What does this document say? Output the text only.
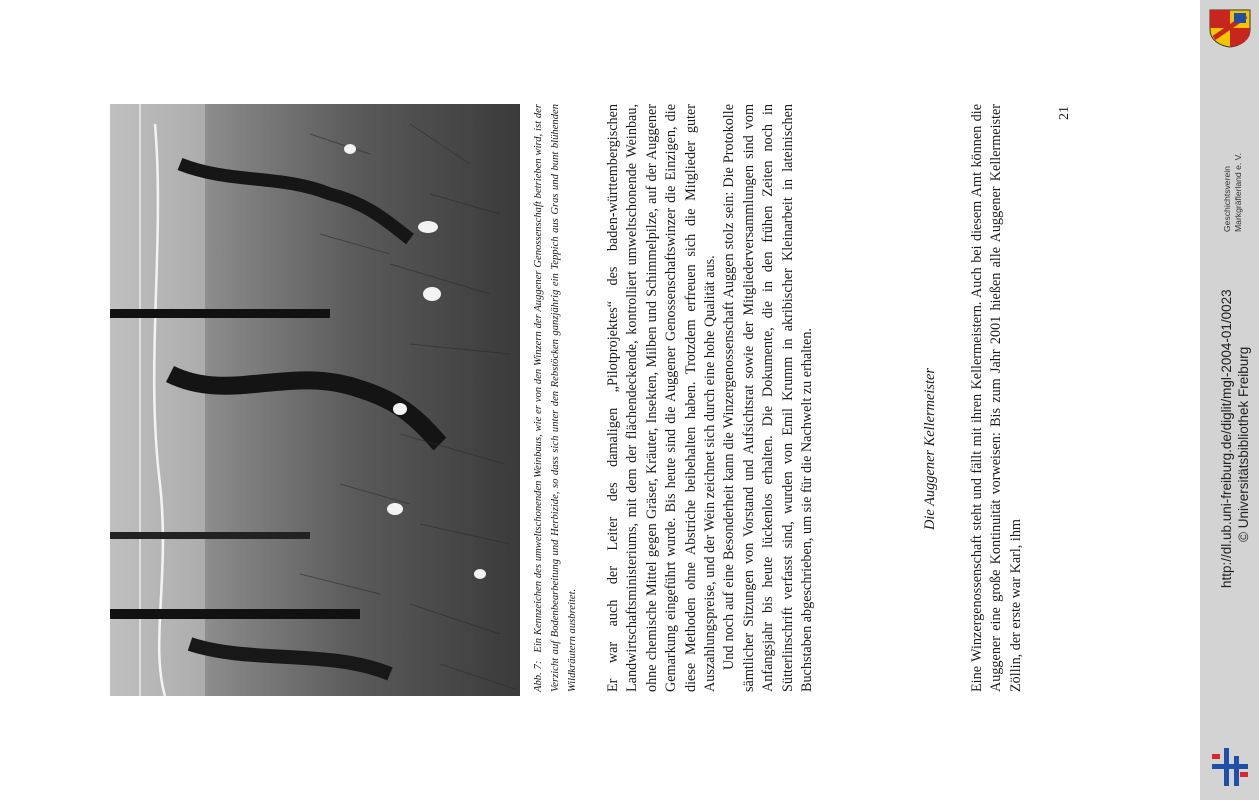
Abb. 7:Ein Kennzeichen des umweltschonenden Weinbaus, wie er von den Winzern der Auggener Genossenschaft betrieben wird, ist der Verzicht auf Bodenbearbeitung und Herbizide, so dass sich unter den Rebstöcken ganzjährig ein Teppich aus Gras und bunt blühenden Wildkräutern ausbreitet. Er war auch der Leiter des damaligen „Pilotprojektes“ des baden-württembergischen Landwirtschaftsministeriums, mit dem der flächendeckende, kontrolliert umweltschonende Weinbau, ohne chemische Mittel gegen Gräser, Kräuter, Insekten, Milben und Schimmelpilze, auf der Auggener Gemarkung eingeführt wurde. Bis heute sind die Auggener Genossenschaftswinzer die Einzigen, die diese Methoden ohne Abstriche beibehalten haben. Trotzdem erfreuen sich die Mitglieder guter Auszahlungspreise, und der Wein zeichnet sich durch eine hohe Qualität aus. Und noch auf eine Besonderheit kann die Winzergenossenschaft Auggen stolz sein: Die Protokolle sämtlicher Sitzungen von Vorstand und Aufsichtsrat sowie der Mitgliederversammlungen sind vom Anfangsjahr bis heute lückenlos erhalten. Die Dokumente, die in den frühen Zeiten noch in Sütterlinschrift verfasst sind, wurden von Emil Krumm in akribischer Kleinarbeit in lateinischen Buchstaben abgeschrieben, um sie für die Nachwelt zu erhalten.	Die Auggener Kellermeister Eine Winzergenossenschaft steht und fällt mit ihren Kellermeistern. Auch bei diesem Amt können die Auggener eine große Kontinuität vorweisen: Bis zum Jahr 2001 hießen alle Auggener Kellermeister Zöllin, der erste war Karl, ihm
21
Geschichtsverein Markgräflerland e. V.
http://dl.ub.uni-freiburg.de/diglit/mgl-2004-01/0023 © Universitätsbibliothek Freiburg
